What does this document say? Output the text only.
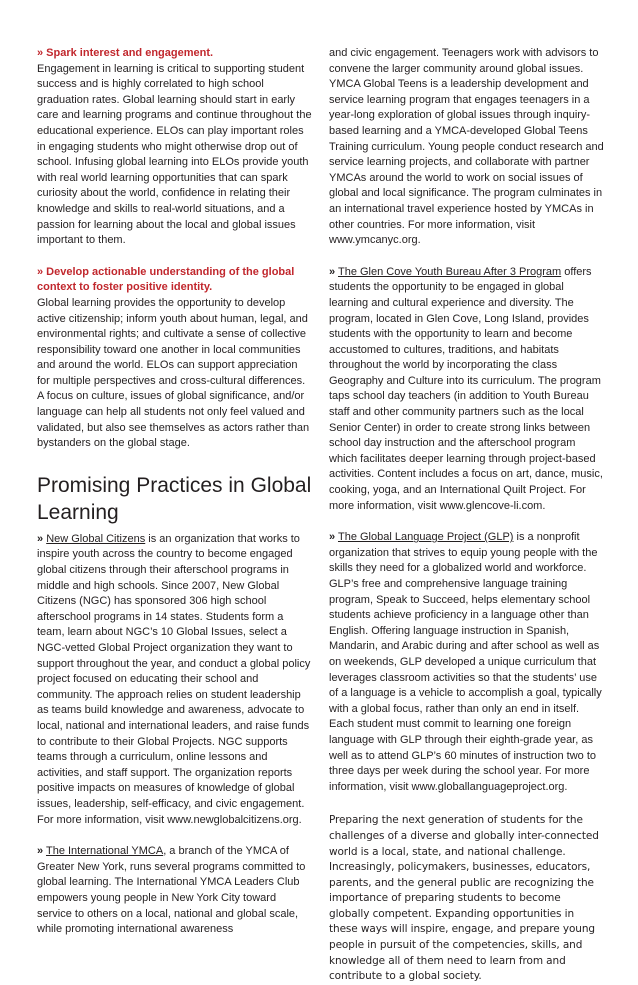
» Spark interest and engagement.

Engagement in learning is critical to supporting student success and is highly correlated to high school graduation rates. Global learning should start in early care and learning programs and continue throughout the educational experience. ELOs can play important roles in engaging students who might otherwise drop out of school. Infusing global learning into ELOs provide youth with real world learning opportunities that can spark curiosity about the world, confidence in relating their knowledge and skills to real-world situations, and a passion for learning about the local and global issues important to them.

» Develop actionable understanding of the global context to foster positive identity.

Global learning provides the opportunity to develop active citizenship; inform youth about human, legal, and environmental rights; and cultivate a sense of collective responsibility toward one another in local communities and around the world. ELOs can support appreciation for multiple perspectives and cross-cultural differences. A focus on culture, issues of global significance, and/or language can help all students not only feel valued and validated, but also see themselves as actors rather than bystanders on the global stage.

Promising Practices in Global Learning

» New Global Citizens is an organization that works to inspire youth across the country to become engaged global citizens through their afterschool programs in middle and high schools. Since 2007, New Global Citizens (NGC) has sponsored 306 high school afterschool programs in 14 states. Students form a team, learn about NGC’s 10 Global Issues, select a NGC-vetted Global Project organization they want to support throughout the year, and conduct a global policy project focused on educating their school and community. The approach relies on student leadership as teams build knowledge and awareness, advocate to local, national and international leaders, and raise funds to contribute to their Global Projects. NGC supports teams through a curriculum, online lessons and activities, and staff support. The organization reports positive impacts on measures of knowledge of global issues, leadership, self-efficacy, and civic engagement. For more information, visit www.newglobalcitizens.org.

» The International YMCA, a branch of the YMCA of Greater New York, runs several programs committed to global learning. The International YMCA Leaders Club empowers young people in New York City toward service to others on a local, national and global scale, while promoting international awareness

and civic engagement. Teenagers work with advisors to convene the larger community around global issues. YMCA Global Teens is a leadership development and service learning program that engages teenagers in a year-long exploration of global issues through inquiry-based learning and a YMCA-developed Global Teens Training curriculum. Young people conduct research and service learning projects, and collaborate with partner YMCAs around the world to work on social issues of global and local significance. The program culminates in an international travel experience hosted by YMCAs in other countries. For more information, visit www.ymcanyc.org.

» The Glen Cove Youth Bureau After 3 Program offers students the opportunity to be engaged in global learning and cultural experience and diversity. The program, located in Glen Cove, Long Island, provides students with the opportunity to learn and become accustomed to cultures, traditions, and habitats throughout the world by incorporating the class Geography and Culture into its curriculum. The program taps school day teachers (in addition to Youth Bureau staff and other community partners such as the local Senior Center) in order to create strong links between school day instruction and the afterschool program which facilitates deeper learning through project-based activities. Content includes a focus on art, dance, music, cooking, yoga, and an International Quilt Project. For more information, visit www.glencove-li.com.

» The Global Language Project (GLP) is a nonprofit organization that strives to equip young people with the skills they need for a globalized world and workforce. GLP’s free and comprehensive language training program, Speak to Succeed, helps elementary school students achieve proficiency in a language other than English. Offering language instruction in Spanish, Mandarin, and Arabic during and after school as well as on weekends, GLP developed a unique curriculum that leverages classroom activities so that the students’ use of a language is a vehicle to accomplish a goal, typically with a global focus, rather than only an end in itself. Each student must commit to learning one foreign language with GLP through their eighth-grade year, as well as to attend GLP’s 60 minutes of instruction two to three days per week during the school year. For more information, visit www.globallanguageproject.org.

Preparing the next generation of students for the challenges of a diverse and globally inter-connected world is a local, state, and national challenge. Increasingly, policymakers, businesses, educators, parents, and the general public are recognizing the importance of preparing students to become globally competent. Expanding opportunities in these ways will inspire, engage, and prepare young people in pursuit of the competencies, skills, and knowledge all of them need to learn from and contribute to a global society.
